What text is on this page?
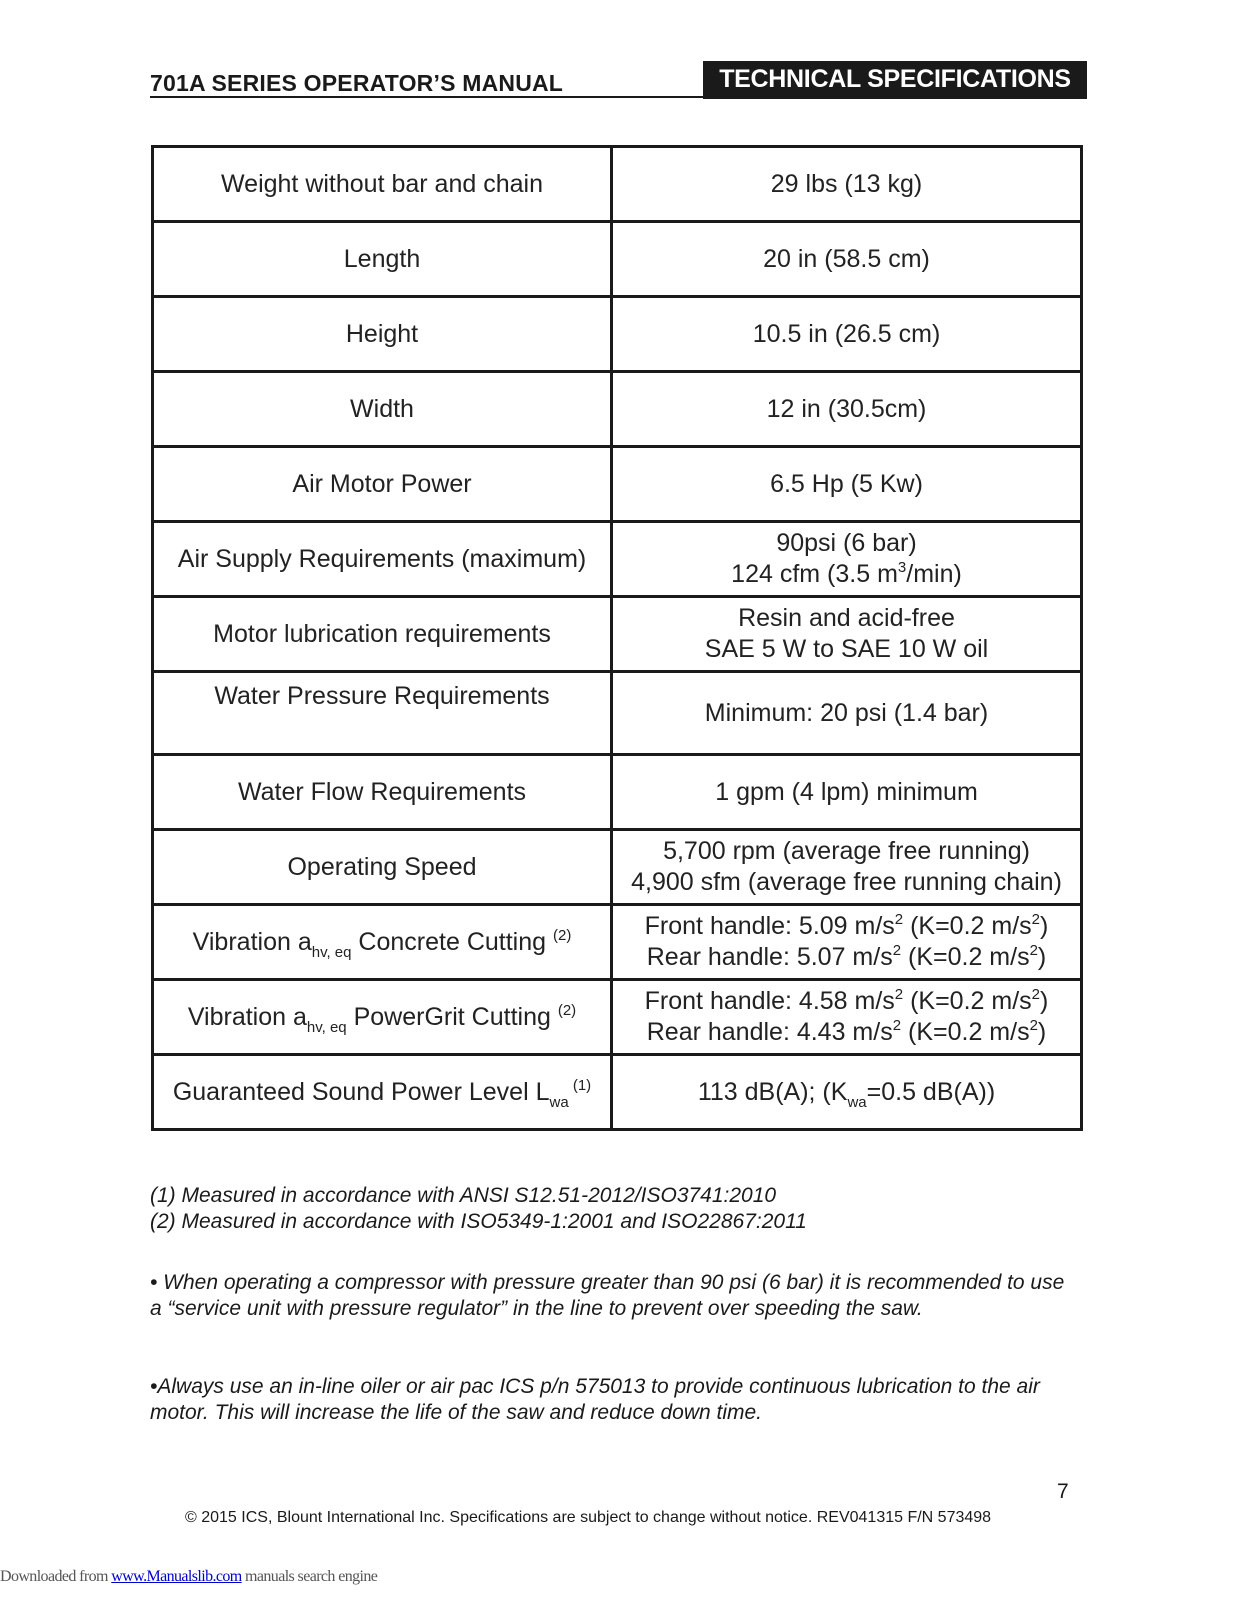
701A SERIES OPERATOR’S MANUAL	TECHNICAL SPECIFICATIONS
Weight without bar and chain	29 lbs (13 kg)
Length	20 in (58.5 cm)
Height	10.5 in (26.5 cm)
Width	12 in (30.5cm)
Air Motor Power	6.5 Hp (5 Kw)
Air Supply Requirements (maximum)	90psi (6 bar)
124 cfm (3.5 $m^3/\min$)

Motor lubrication requirements	Resin and acid-free
SAE 5 W to SAE 10 W oil

Water Pressure Requirements	Minimum: 20 psi (1.4 bar)
Water Flow Requirements	1 gpm (4 lpm) minimum
Operating Speed	5,700 rpm (average free running)
4,900 sfm (average free running chain)

Vibration $a_{hv, eq}$ Concrete Cutting $^{(2)}$	Front handle: 5.09 $m/s^2$ (K=0.2 $m/s^2$)
Rear handle: 5.07 $m/s^2$ (K=0.2 $m/s^2$)

Vibration $a_{hv, eq}$ PowerGrit Cutting $^{(2)}$	Front handle: 4.58 $m/s^2$ (K=0.2 $m/s^2$)
Rear handle: 4.43 $m/s^2$ (K=0.2 $m/s^2$)

Guaranteed Sound Power Level $L_{wa}$ $^{(1)}$	113 dB(A); ($K_{wa}=0.5$ dB(A))
(1) Measured in accordance with ANSI S12.51-2012/ISO3741:2010
(2) Measured in accordance with ISO5349-1:2001 and ISO22867:2011
• When operating a compressor with pressure greater than 90 psi (6 bar) it is recommended to use a “service unit with pressure regulator” in the line to prevent over speeding the saw.
•Always use an in-line oiler or air pac ICS p/n 575013 to provide continuous lubrication to the air motor. This will increase the life of the saw and reduce down time.
7
© 2015 ICS, Blount International Inc. Specifications are subject to change without notice. REV041315 F/N 573498
Downloaded from www.Manualslib.com manuals search engine
